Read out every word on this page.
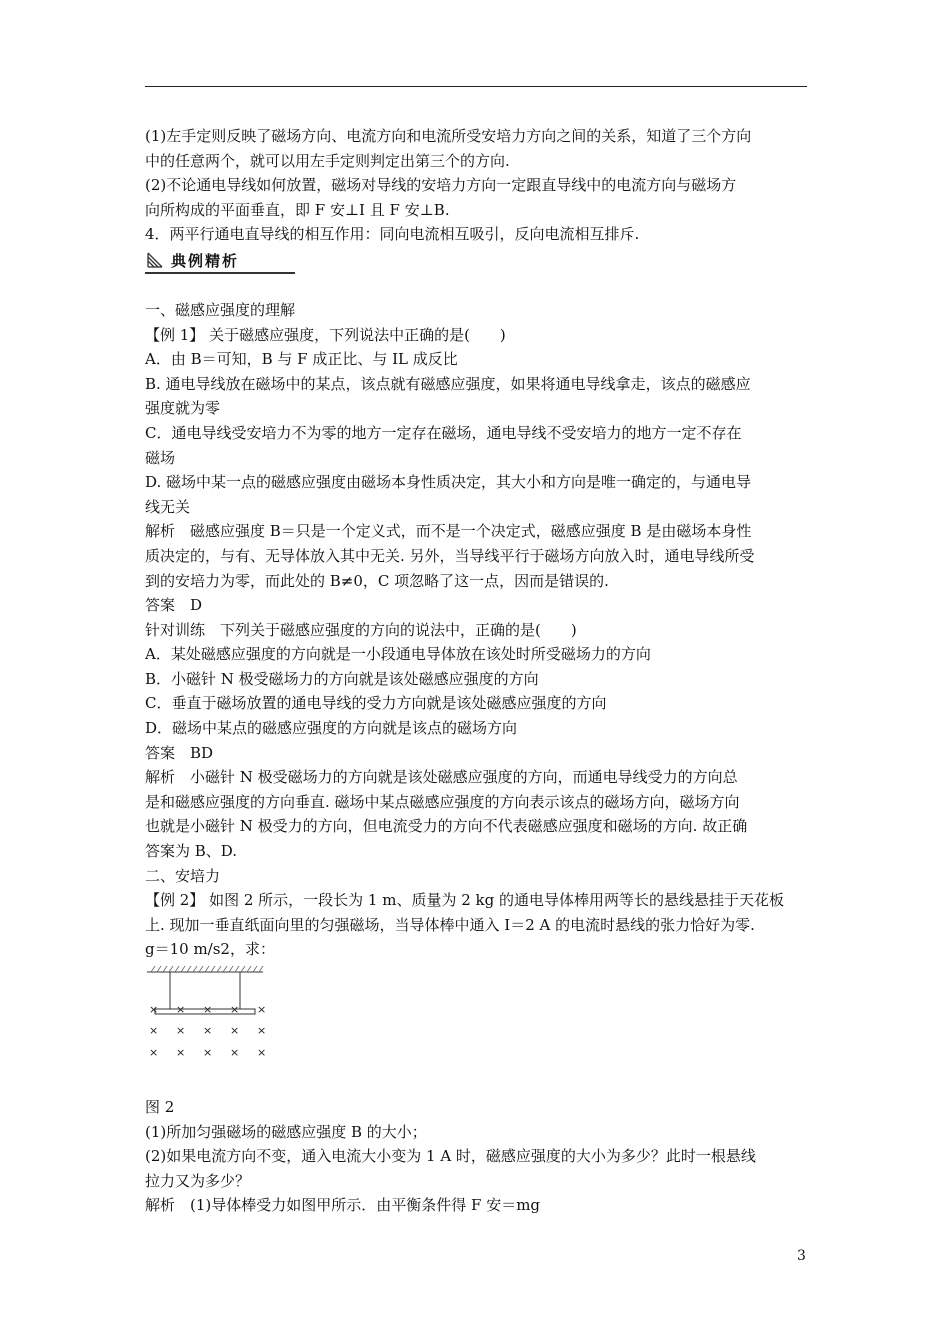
(1)左手定则反映了磁场方向、电流方向和电流所受安培力方向之间的关系，知道了三个方向

中的任意两个，就可以用左手定则判定出第三个的方向.

(2)不论通电导线如何放置，磁场对导线的安培力方向一定跟直导线中的电流方向与磁场方

向所构成的平面垂直，即 F 安⊥I 且 F 安⊥B.

4．两平行通电直导线的相互作用：同向电流相互吸引，反向电流相互排斥.

典例精析

一、磁感应强度的理解

【例 1】 关于磁感应强度，下列说法中正确的是(　　)

A．由 B＝可知，B 与 F 成正比、与 IL 成反比

B. 通电导线放在磁场中的某点，该点就有磁感应强度，如果将通电导线拿走，该点的磁感应

强度就为零

C．通电导线受安培力不为零的地方一定存在磁场，通电导线不受安培力的地方一定不存在

磁场

D. 磁场中某一点的磁感应强度由磁场本身性质决定，其大小和方向是唯一确定的，与通电导

线无关

解析　磁感应强度 B＝只是一个定义式，而不是一个决定式，磁感应强度 B 是由磁场本身性

质决定的，与有、无导体放入其中无关. 另外，当导线平行于磁场方向放入时，通电导线所受

到的安培力为零，而此处的 B≠0，C 项忽略了这一点，因而是错误的.

答案　D

针对训练　下列关于磁感应强度的方向的说法中，正确的是(　　)

A．某处磁感应强度的方向就是一小段通电导体放在该处时所受磁场力的方向

B．小磁针 N 极受磁场力的方向就是该处磁感应强度的方向

C．垂直于磁场放置的通电导线的受力方向就是该处磁感应强度的方向

D．磁场中某点的磁感应强度的方向就是该点的磁场方向

答案　BD

解析　小磁针 N 极受磁场力的方向就是该处磁感应强度的方向，而通电导线受力的方向总

是和磁感应强度的方向垂直. 磁场中某点磁感应强度的方向表示该点的磁场方向，磁场方向

也就是小磁针 N 极受力的方向，但电流受力的方向不代表磁感应强度和磁场的方向. 故正确

答案为 B、D.

二、安培力

【例 2】 如图 2 所示，一段长为 1 m、质量为 2 kg 的通电导体棒用两等长的悬线悬挂于天花板

上. 现加一垂直纸面向里的匀强磁场，当导体棒中通入 I＝2 A 的电流时悬线的张力恰好为零.

g＝10 m/s2，求：

× × × × ×
× × × × ×
× × × × ×

图 2

(1)所加匀强磁场的磁感应强度 B 的大小；

(2)如果电流方向不变，通入电流大小变为 1 A 时，磁感应强度的大小为多少？此时一根悬线

拉力又为多少？

解析　(1)导体棒受力如图甲所示．由平衡条件得 F 安＝mg

3
